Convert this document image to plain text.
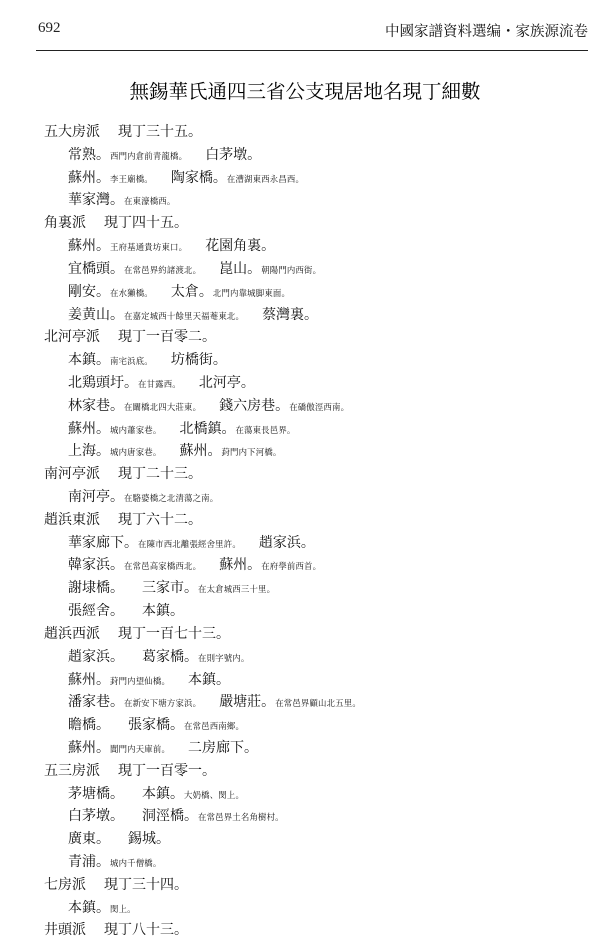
692	中國家譜資料選编・家族源流卷
無錫華氏通四三省公支現居地名現丁細數
五大房派 現丁三十五。
常熟。西門内倉前青龍橋。 白茅墩。
蘇州。李王廟橋。 陶家橋。在漕湖東西永昌西。
華家灣。在東濠橋西。
角裏派 現丁四十五。
蘇州。王府基通貴坊東口。 花園角裏。
宜橋頭。在常邑界約諸渡北。 崑山。朝陽門内西街。
剛安。在水獺橋。 太倉。北門内靠城脚東面。
姜黄山。在嘉定城西十餘里天福菴東北。 蔡灣裏。
北河亭派 現丁一百零二。
本鎮。南宅浜底。 坊橋街。
北鶏頭圩。在甘露西。 北河亭。
林家巷。在闞橋北四大莊東。 錢六房巷。在礄傲涇西南。
蘇州。城内蕭家巷。 北橋鎮。在蕩東長邑界。
上海。城内唐家巷。 蘇州。葑門内下河橋。
南河亭派 現丁二十三。
南河亭。在駱婆橋之北清蕩之南。
趙浜東派 現丁六十二。
華家廊下。在陳市西北離張經舍里許。 趙家浜。
韓家浜。在常邑高家橋西北。 蘇州。在府學前西首。
謝埭橋。 三家市。在太倉城西三十里。
張經舍。 本鎮。
趙浜西派 現丁一百七十三。
趙家浜。 葛家橋。在則字號内。
蘇州。葑門内望仙橋。 本鎮。
潘家巷。在新安下塘方家浜。 嚴塘莊。在常邑界顧山北五里。
瞻橋。 張家橋。在常邑西南鄉。
蘇州。閶門内天庫前。 二房廊下。
五三房派 現丁一百零一。
茅塘橋。 本鎮。大奶橋、閔上。
白茅墩。 洞涇橋。在常邑界土名角樹村。
廣東。 錫城。
青浦。城内千僧橋。
七房派 現丁三十四。
本鎮。閔上。
井頭派 現丁八十三。
